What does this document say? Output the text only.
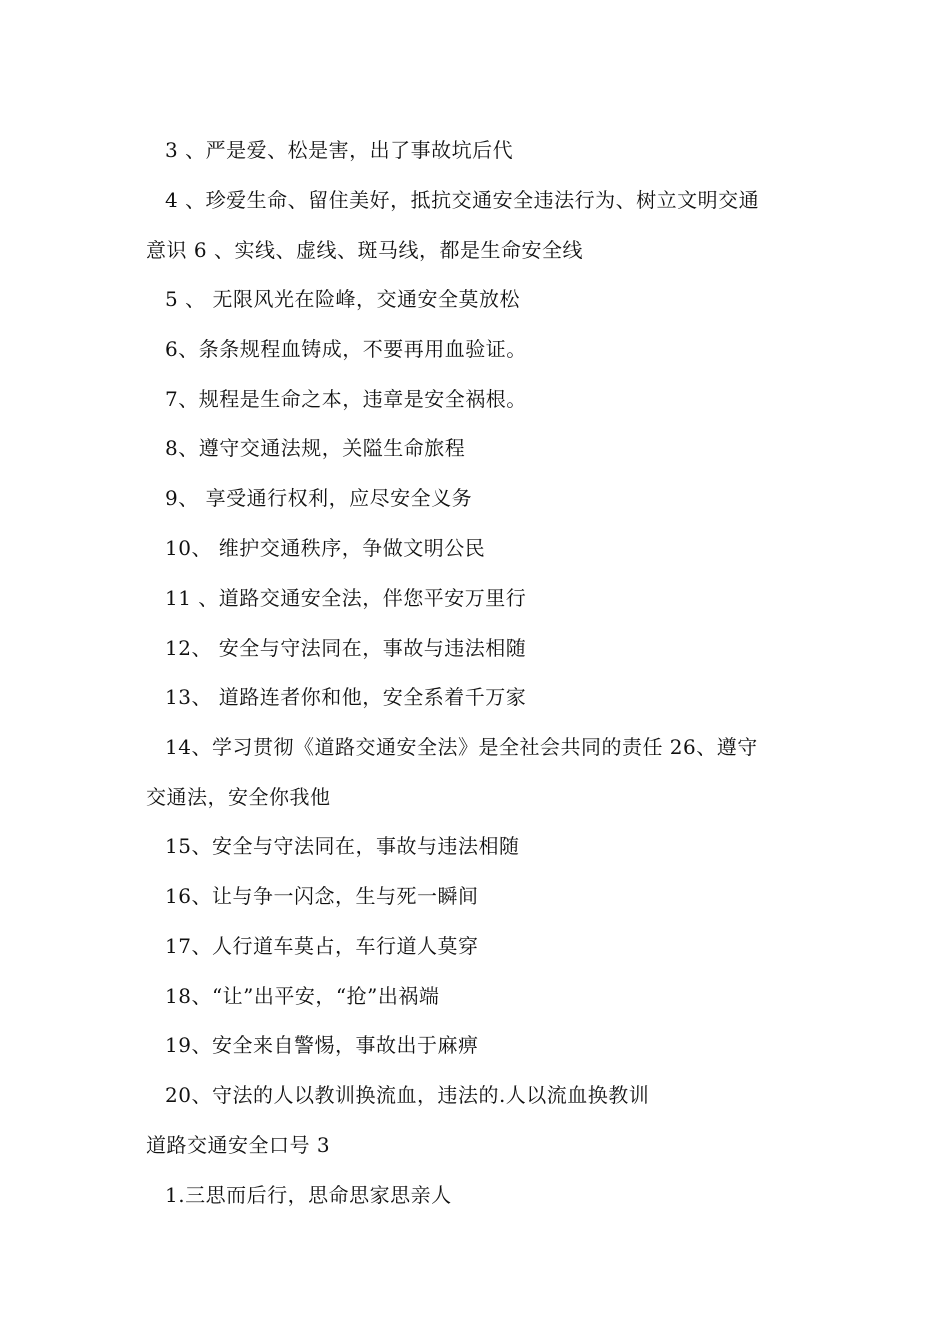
3 、严是爱、松是害，出了事故坑后代
4 、珍爱生命、留住美好，抵抗交通安全违法行为、树立文明交通
意识 6 、实线、虚线、斑马线，都是生命安全线
5 、 无限风光在险峰，交通安全莫放松
6、条条规程血铸成，不要再用血验证。
7、规程是生命之本，违章是安全祸根。
8、遵守交通法规，关隘生命旅程
9、 享受通行权利，应尽安全义务
10、 维护交通秩序，争做文明公民
11 、道路交通安全法，伴您平安万里行
12、 安全与守法同在，事故与违法相随
13、 道路连者你和他，安全系着千万家
14、学习贯彻《道路交通安全法》是全社会共同的责任 26、遵守
交通法，安全你我他
15、安全与守法同在，事故与违法相随
16、让与争一闪念，生与死一瞬间
17、人行道车莫占，车行道人莫穿
18、“让”出平安，“抢”出祸端
19、安全来自警惕，事故出于麻痹
20、守法的人以教训换流血，违法的.人以流血换教训
道路交通安全口号 3
1.三思而后行，思命思家思亲人
